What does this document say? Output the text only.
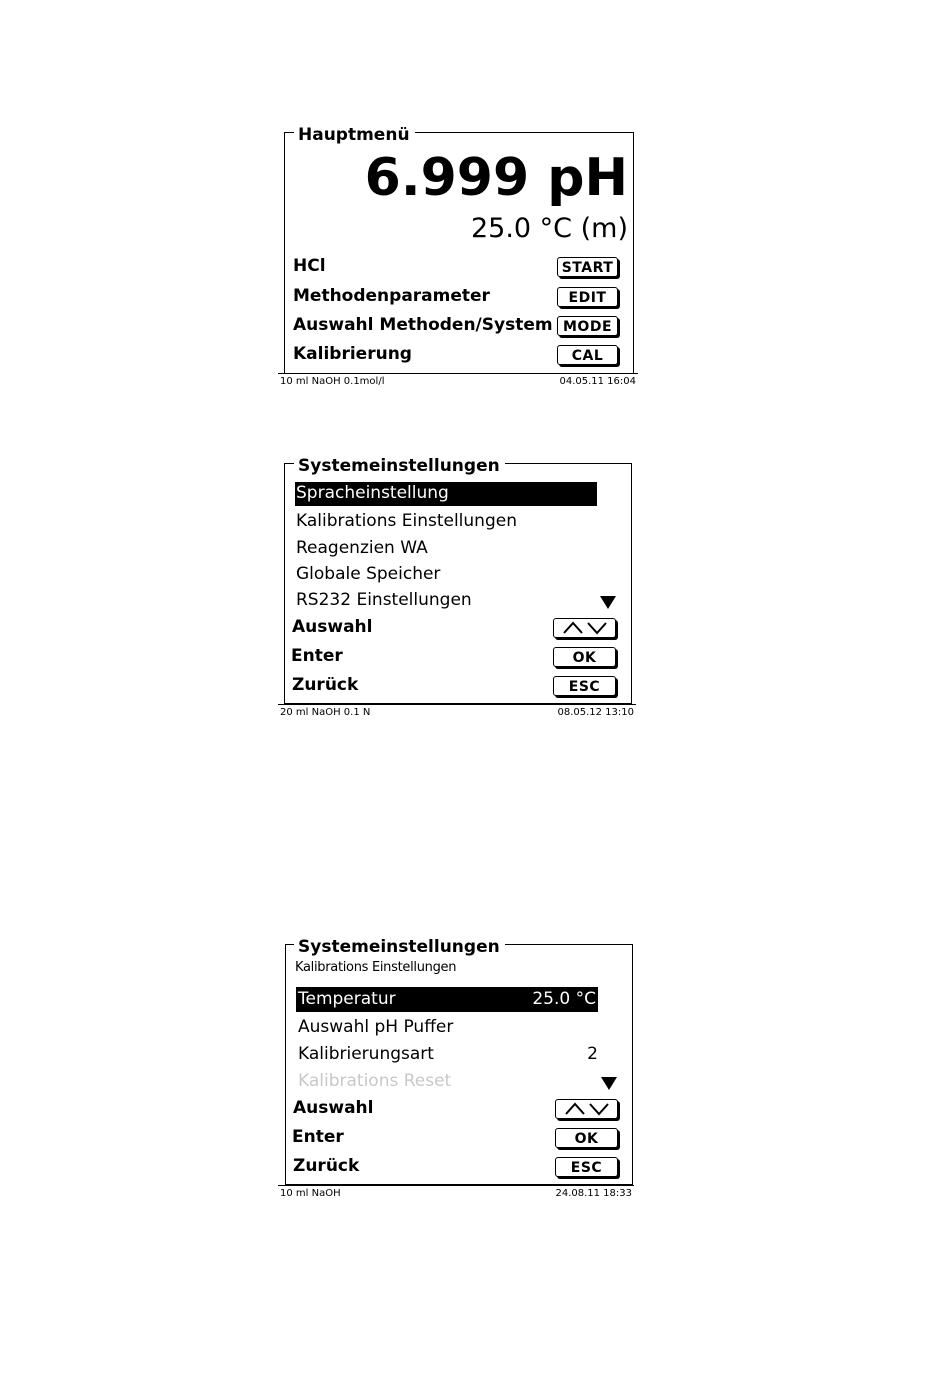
Hauptmenü
6.999 pH
25.0 °C (m)
HCl	START
Methodenparameter	EDIT
Auswahl Methoden/System MODE
Kalibrierung	CAL
10 ml NaOH 0.1mol/l	04.05.11 16:04
Systemeinstellungen
Spracheinstellung
Kalibrations Einstellungen
Reagenzien WA
Globale Speicher
RS232 Einstellungen
Auswahl
Enter	OK
Zurück	ESC
20 ml NaOH 0.1 N	08.05.12 13:10
Systemeinstellungen
Kalibrations Einstellungen
Temperatur	25.0 °C
Auswahl pH Puffer
Kalibrierungsart	2
Kalibrations Reset
Auswahl
Enter	OK
Zurück	ESC
10 ml NaOH	24.08.11 18:33
